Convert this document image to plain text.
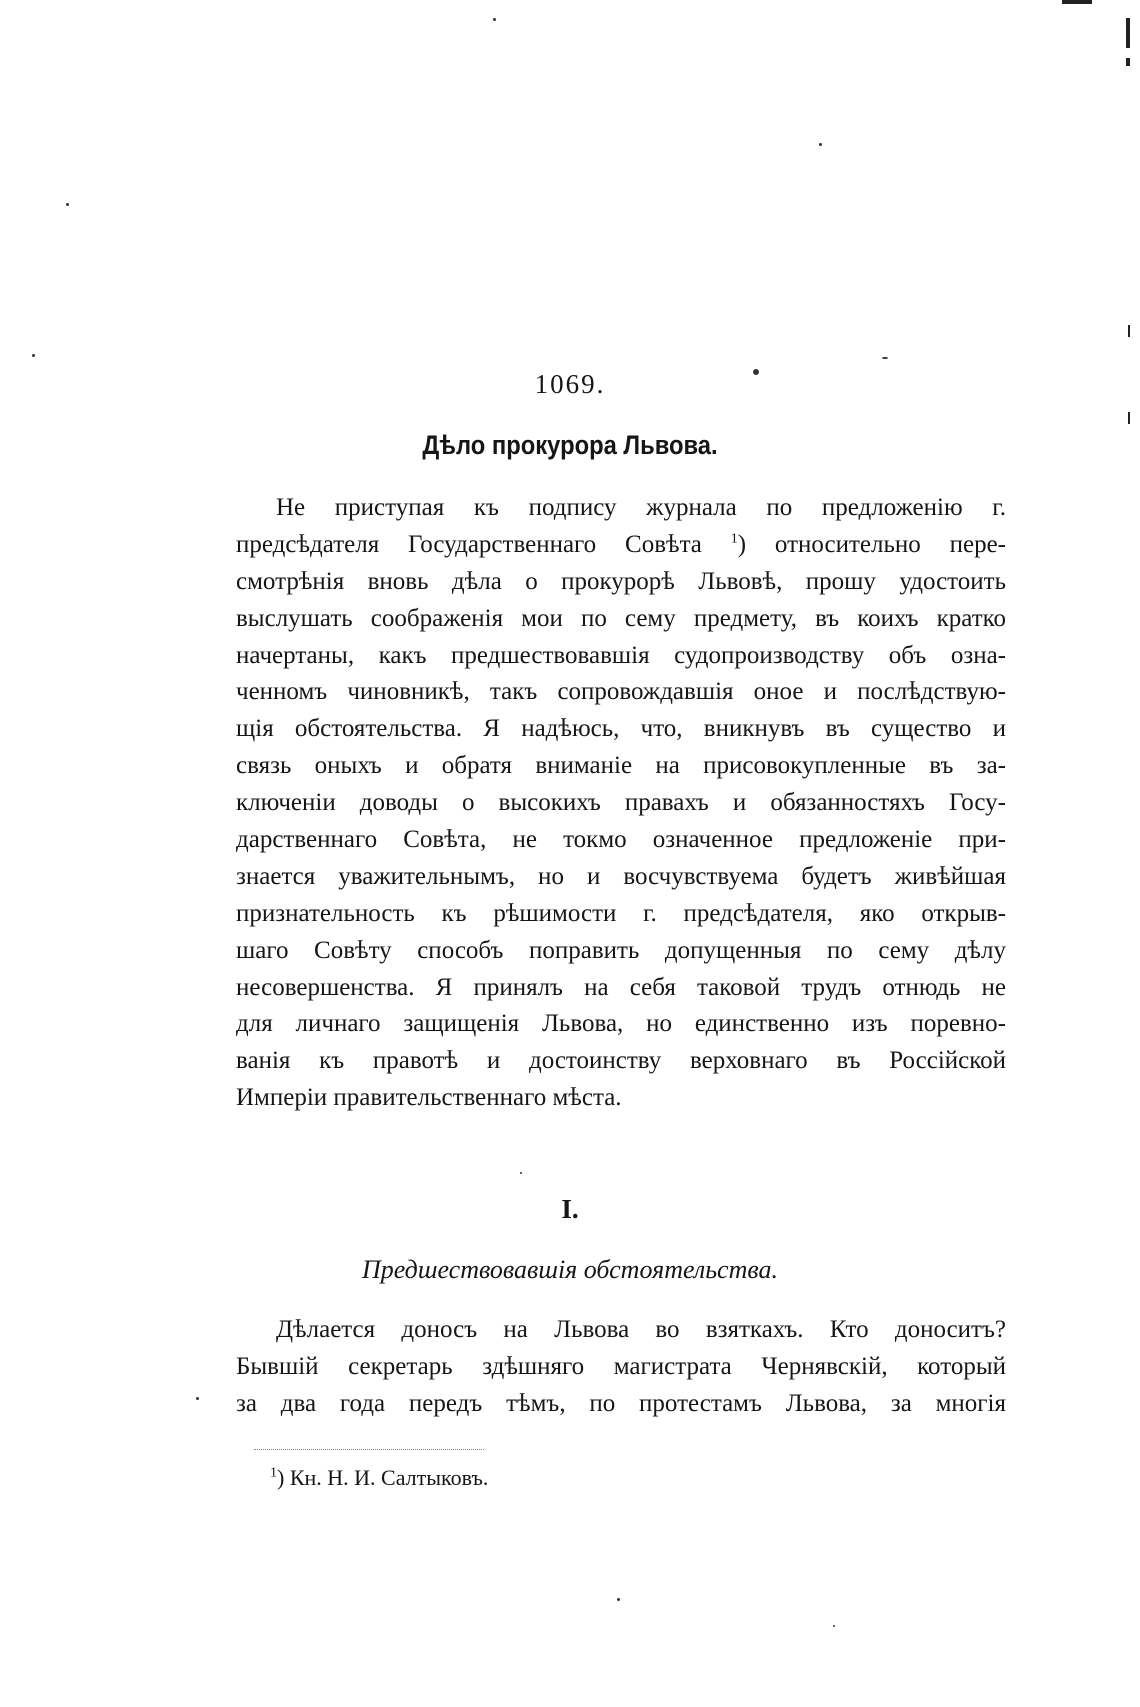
1069.
Дѣло прокурора Львова.
Не приступая къ подпису журнала по предложенію г.
предсѣдателя Государственнаго Совѣта $^1$) относительно пере-
смотрѣнія вновь дѣла о прокурорѣ Львовѣ, прошу удостоить
выслушать соображенія мои по сему предмету, въ коихъ кратко
начертаны, какъ предшествовавшія судопроизводству объ озна-
ченномъ чиновникѣ, такъ сопровождавшія оное и послѣдствую-
щія обстоятельства. Я надѣюсь, что, вникнувъ въ существо и
связь оныхъ и обратя вниманіе на присовокупленные въ за-
ключеніи доводы о высокихъ правахъ и обязанностяхъ Госу-
дарственнаго Совѣта, не токмо означенное предложеніе при-
знается уважительнымъ, но и восчувствуема будетъ живѣйшая
признательность къ рѣшимости г. предсѣдателя, яко открыв-
шаго Совѣту способъ поправить допущенныя по сему дѣлу
несовершенства. Я принялъ на себя таковой трудъ отнюдь не
для личнаго защищенія Львова, но единственно изъ поревно-
ванія къ правотѣ и достоинству верховнаго въ Россійской
Имперіи правительственнаго мѣста.
I.
Предшествовавшія обстоятельства.
Дѣлается доносъ на Львова во взяткахъ. Кто доноситъ?
Бывшій секретарь здѣшняго магистрата Чернявскій, который
за два года передъ тѣмъ, по протестамъ Львова, за многія
$^1$) Кн. Н. И. Салтыковъ.
